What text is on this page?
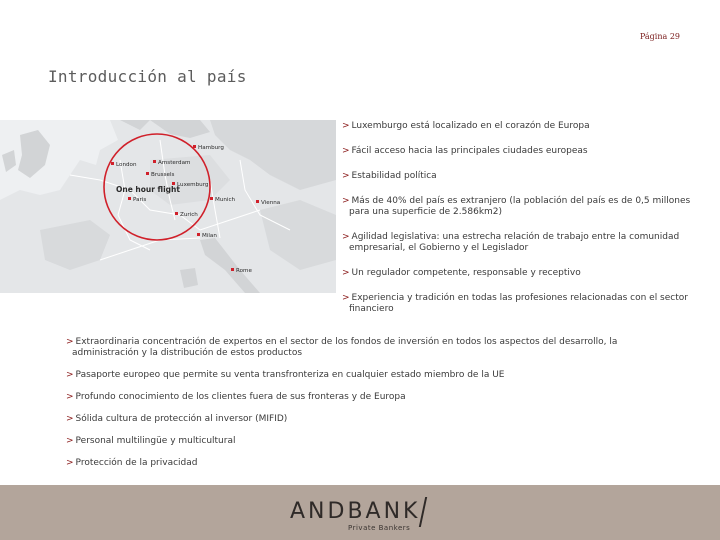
Página 29
Introducción al país
Hamburg
Amsterdam
London
Brussels
Luxemburg
One hour flight
Paris	Munich	Vienna
Zurich
Milan
Rome

> Luxemburgo está localizado en el corazón de Europa

> Fácil acceso hacia las principales ciudades europeas

> Estabilidad política

> Más de 40% del país es extranjero (la población del país es de 0,5 millones para una superficie de 2.586km2)

> Agilidad legislativa: una estrecha relación de trabajo entre la comunidad empresarial, el Gobierno y el Legislador

> Un regulador competente, responsable y receptivo

> Experiencia y tradición en todas las profesiones relacionadas con el sector financiero

> Extraordinaria concentración de expertos en el sector de los fondos de inversión en todos los aspectos del desarrollo, la administración y la distribución de estos productos

> Pasaporte europeo que permite su venta transfronteriza en cualquier estado miembro de la UE

> Profundo conocimiento de los clientes fuera de sus fronteras y de Europa

> Sólida cultura de protección al inversor (MIFID)

> Personal multilingüe y multicultural

> Protección de la privacidad

ANDBANK
Private Bankers
